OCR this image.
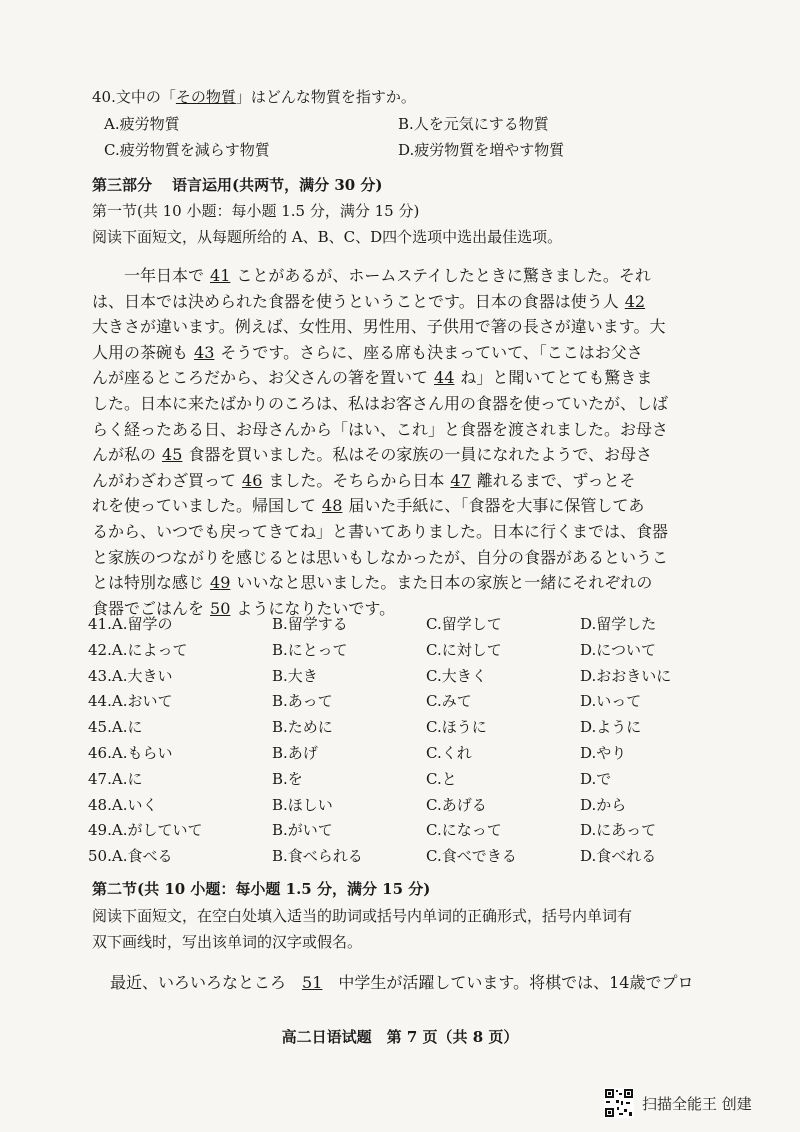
40.文中の「その物質」はどんな物質を指すか。
A.疲労物質	B.人を元気にする物質
C.疲労物質を減らす物質	D.疲労物質を増やす物質
第三部分 语言运用(共两节，满分 30 分)
第一节(共 10 小题：每小题 1.5 分，满分 15 分)
阅读下面短文，从每题所给的 A、B、C、D四个选项中选出最佳选项。
一年日本で 41 ことがあるが、ホームステイしたときに驚きました。それ
は、日本では決められた食器を使うということです。日本の食器は使う人 42
大きさが違います。例えば、女性用、男性用、子供用で箸の長さが違います。大
人用の茶碗も 43 そうです。さらに、座る席も決まっていて、「ここはお父さ
んが座るところだから、お父さんの箸を置いて 44 ね」と聞いてとても驚きま
した。日本に来たばかりのころは、私はお客さん用の食器を使っていたが、しば
らく経ったある日、お母さんから「はい、これ」と食器を渡されました。お母さ
んが私の 45 食器を買いました。私はその家族の一員になれたようで、お母さ
んがわざわざ買って 46 ました。そちらから日本 47 離れるまで、ずっとそ
れを使っていました。帰国して 48 届いた手紙に、「食器を大事に保管してあ
るから、いつでも戻ってきてね」と書いてありました。日本に行くまでは、食器
と家族のつながりを感じるとは思いもしなかったが、自分の食器があるというこ
とは特別な感じ 49 いいなと思いました。また日本の家族と一緒にそれぞれの
食器でごはんを 50 ようになりたいです。
41.A.留学の	B.留学する	C.留学して	D.留学した
42.A.によって	B.にとって	C.に対して	D.について
43.A.大きい	B.大き	C.大きく	D.おおきいに
44.A.おいて	B.あって	C.みて	D.いって
45.A.に	B.ために	C.ほうに	D.ように
46.A.もらい	B.あげ	C.くれ	D.やり
47.A.に	B.を	C.と	D.で
48.A.いく	B.ほしい	C.あげる	D.から
49.A.がしていて	B.がいて	C.になって	D.にあって
50.A.食べる	B.食べられる	C.食べできる	D.食べれる
第二节(共 10 小题：每小题 1.5 分，满分 15 分)
阅读下面短文，在空白处填入适当的助词或括号内单词的正确形式，括号内单词有
双下画线时，写出该单词的汉字或假名。
最近、いろいろなところ 51 中学生が活躍しています。将棋では、14歳でプロ
高二日语试题　第 7 页（共 8 页）
扫描全能王 创建
